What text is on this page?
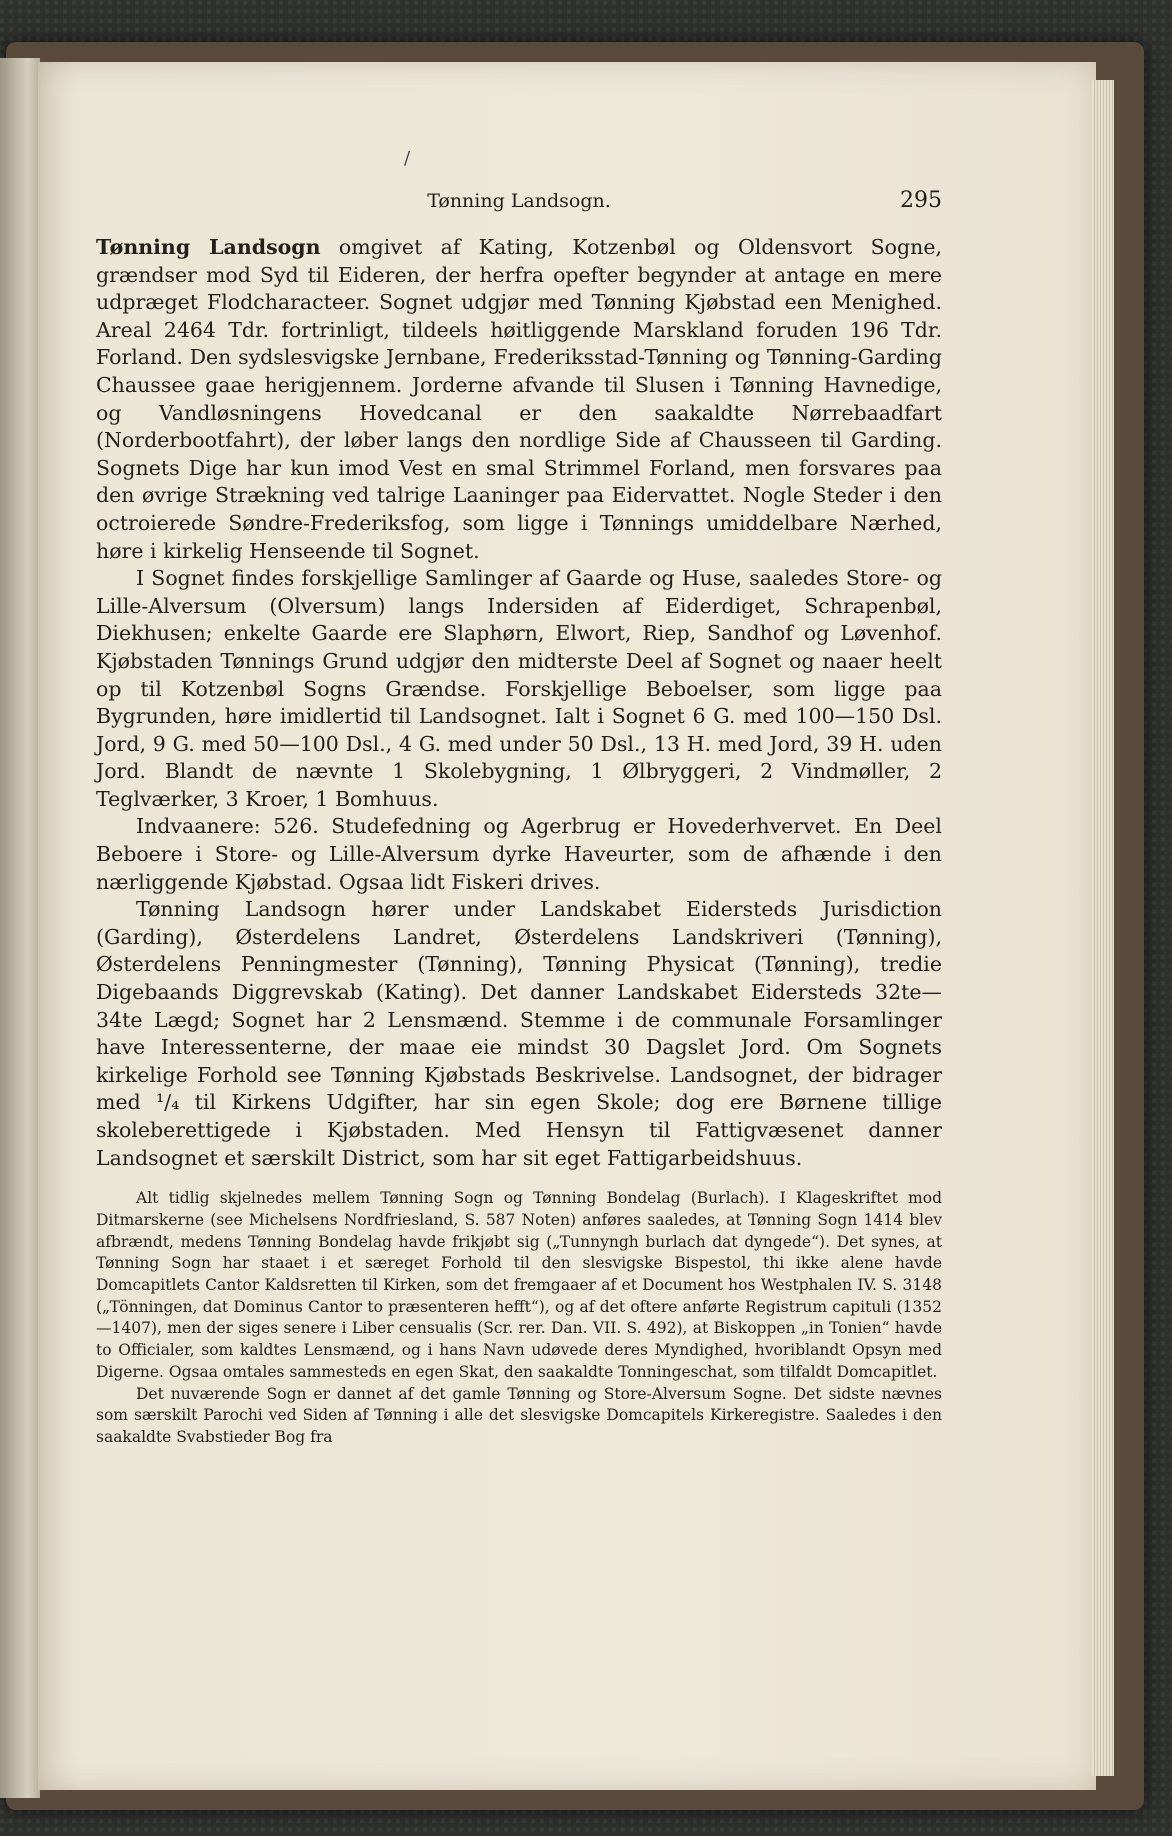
/
Tønning Landsogn.	295

Tønning Landsogn omgivet af Kating, Kotzenbøl og Oldensvort Sogne, grændser mod Syd til Eideren, der herfra opefter begynder at antage en mere udpræget Flodcharacteer. Sognet udgjør med Tønning Kjøbstad een Menighed. Areal 2464 Tdr. fortrinligt, tildeels høitliggende Marskland foruden 196 Tdr. Forland. Den sydslesvigske Jernbane, Frederiksstad-Tønning og Tønning-Garding Chausseе gaae herigjennem. Jorderne afvande til Slusen i Tønning Havnedige, og Vandløsningens Hovedcanal er den saakaldte Nørrebaadfart (Norderbootfahrt), der løber langs den nordlige Side af Chausseen til Garding. Sognets Dige har kun imod Vest en smal Strimmel Forland, men forsvares paa den øvrige Strækning ved talrige Laaninger paa Eidervattet. Nogle Steder i den octroierede Søndre-Frederiksfog, som ligge i Tønnings umiddelbare Nærhed, høre i kirkelig Henseende til Sognet.

I Sognet findes forskjellige Samlinger af Gaarde og Huse, saaledes Store- og Lille-Alversum (Olversum) langs Indersiden af Eiderdiget, Schrapenbøl, Diekhusen; enkelte Gaarde ere Slaphørn, Elwort, Riep, Sandhof og Løvenhof. Kjøbstaden Tønnings Grund udgjør den midterste Deel af Sognet og naaer heelt op til Kotzenbøl Sogns Grændse. Forskjellige Beboelser, som ligge paa Bygrunden, høre imidlertid til Landsognet. Ialt i Sognet 6 G. med 100—150 Dsl. Jord, 9 G. med 50—100 Dsl., 4 G. med under 50 Dsl., 13 H. med Jord, 39 H. uden Jord. Blandt de nævnte 1 Skolebygning, 1 Ølbryggeri, 2 Vindmøller, 2 Teglværker, 3 Kroer, 1 Bomhuus.

Indvaanere: 526. Studefedning og Agerbrug er Hovederhvervet. En Deel Beboere i Store- og Lille-Alversum dyrke Haveurter, som de afhænde i den nærliggende Kjøbstad. Ogsaa lidt Fiskeri drives.

Tønning Landsogn hører under Landskabet Eidersteds Jurisdiction (Garding), Østerdelens Landret, Østerdelens Landskriveri (Tønning), Østerdelens Penningmester (Tønning), Tønning Physicat (Tønning), tredie Digebaands Diggrevskab (Kating). Det danner Landskabet Eidersteds 32te—34te Lægd; Sognet har 2 Lensmænd. Stemme i de communale Forsamlinger have Interessenterne, der maae eie mindst 30 Dagslet Jord. Om Sognets kirkelige Forhold see Tønning Kjøbstads Beskrivelse. Landsognet, der bidrager med ¹/₄ til Kirkens Udgifter, har sin egen Skole; dog ere Børnene tillige skoleberettigede i Kjøbstaden. Med Hensyn til Fattigvæsenet danner Landsognet et særskilt District, som har sit eget Fattigarbeidshuus.

Alt tidlig skjelnedes mellem Tønning Sogn og Tønning Bondelag (Burlach). I Klageskriftet mod Ditmarskerne (see Michelsens Nordfriesland, S. 587 Noten) anføres saaledes, at Tønning Sogn 1414 blev afbrændt, medens Tønning Bondelag havde frikjøbt sig („Tunnyngh burlach dat dyngede“). Det synes, at Tønning Sogn har staaet i et særeget Forhold til den slesvigske Bispestol, thi ikke alene havde Domcapitlets Cantor Kaldsretten til Kirken, som det fremgaaer af et Document hos Westphalen IV. S. 3148 („Tönningen, dat Dominus Cantor to præsenteren hefft“), og af det oftere anførte Registrum capituli (1352—1407), men der siges senere i Liber censualis (Scr. rer. Dan. VII. S. 492), at Biskoppen „in Tonien“ havde to Officialer, som kaldtes Lensmænd, og i hans Navn udøvede deres Myndighed, hvoriblandt Opsyn med Digerne. Ogsaa omtales sammesteds en egen Skat, den saakaldte Tonningeschat, som tilfaldt Domcapitlet.

Det nuværende Sogn er dannet af det gamle Tønning og Store-Alversum Sogne. Det sidste nævnes som særskilt Parochi ved Siden af Tønning i alle det slesvigske Domcapitels Kirkeregistre. Saaledes i den saakaldte Svabstieder Bog fra
